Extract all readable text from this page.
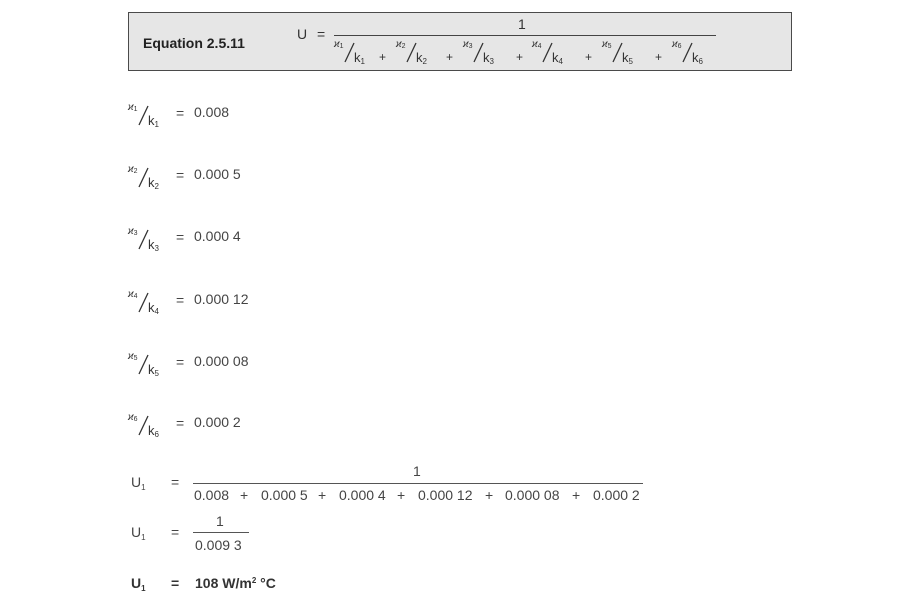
Equation 2.5.11
U =
1
$ϰ_1$
$k_1$
$ϰ_2$
$k_2$
$ϰ_3$
$k_3$
$ϰ_4$
$k_4$
$ϰ_5$
$k_5$
$ϰ_6$
$k_6$
+	+	+	+	+
$ϰ_1$
$k_1$
= 0.008
$ϰ_2$
$k_2$
= 0.000 5
$ϰ_3$
$k_3$
= 0.000 4
$ϰ_4$
$k_4$
= 0.000 12
$ϰ_5$
$k_5$
= 0.000 08
$ϰ_6$
$k_6$
= 0.000 2
$U_1$ =
1
0.008 0.000 5 0.000 4 0.000 12 0.000 08 0.000 2
+	+	+	+	+
$U_1$ =
1
0.009 3
$U_1 = 108$ $W/m^2$ °C
